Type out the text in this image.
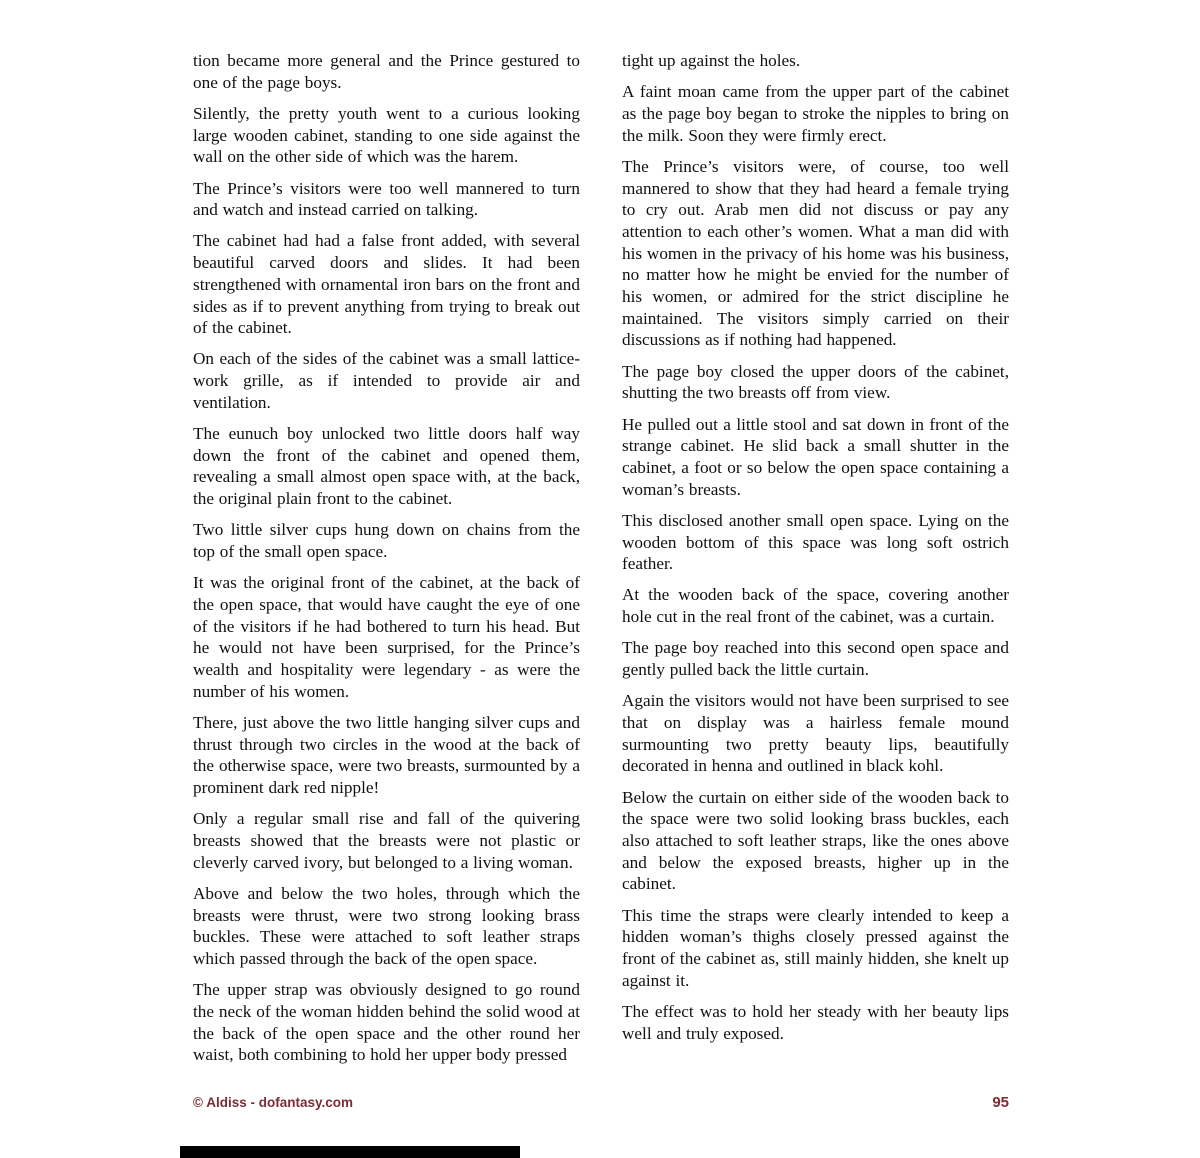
tion became more general and the Prince gestured to one of the page boys.

Silently, the pretty youth went to a curious looking large wooden cabinet, standing to one side against the wall on the other side of which was the harem.

The Prince’s visitors were too well mannered to turn and watch and instead carried on talking.

The cabinet had had a false front added, with several beautiful carved doors and slides. It had been strengthened with ornamental iron bars on the front and sides as if to prevent anything from trying to break out of the cabinet.

On each of the sides of the cabinet was a small lattice-work grille, as if intended to provide air and ventilation.

The eunuch boy unlocked two little doors half way down the front of the cabinet and opened them, revealing a small almost open space with, at the back, the original plain front to the cabinet.

Two little silver cups hung down on chains from the top of the small open space.

It was the original front of the cabinet, at the back of the open space, that would have caught the eye of one of the visitors if he had bothered to turn his head. But he would not have been surprised, for the Prince’s wealth and hospitality were legendary - as were the number of his women.

There, just above the two little hanging silver cups and thrust through two circles in the wood at the back of the otherwise space, were two breasts, surmounted by a prominent dark red nipple!

Only a regular small rise and fall of the quivering breasts showed that the breasts were not plastic or cleverly carved ivory, but belonged to a living woman.

Above and below the two holes, through which the breasts were thrust, were two strong looking brass buckles. These were attached to soft leather straps which passed through the back of the open space.

The upper strap was obviously designed to go round the neck of the woman hidden behind the solid wood at the back of the open space and the other round her waist, both combining to hold her upper body pressed

tight up against the holes.

A faint moan came from the upper part of the cabinet as the page boy began to stroke the nipples to bring on the milk. Soon they were firmly erect.

The Prince’s visitors were, of course, too well mannered to show that they had heard a female trying to cry out. Arab men did not discuss or pay any attention to each other’s women. What a man did with his women in the privacy of his home was his business, no matter how he might be envied for the number of his women, or admired for the strict discipline he maintained. The visitors simply carried on their discussions as if nothing had happened.

The page boy closed the upper doors of the cabinet, shutting the two breasts off from view.

He pulled out a little stool and sat down in front of the strange cabinet. He slid back a small shutter in the cabinet, a foot or so below the open space containing a woman’s breasts.

This disclosed another small open space. Lying on the wooden bottom of this space was long soft ostrich feather.

At the wooden back of the space, covering another hole cut in the real front of the cabinet, was a curtain.

The page boy reached into this second open space and gently pulled back the little curtain.

Again the visitors would not have been surprised to see that on display was a hairless female mound surmounting two pretty beauty lips, beautifully decorated in henna and outlined in black kohl.

Below the curtain on either side of the wooden back to the space were two solid looking brass buckles, each also attached to soft leather straps, like the ones above and below the exposed breasts, higher up in the cabinet.

This time the straps were clearly intended to keep a hidden woman’s thighs closely pressed against the front of the cabinet as, still mainly hidden, she knelt up against it.

The effect was to hold her steady with her beauty lips well and truly exposed.

© Aldiss - dofantasy.com	95
